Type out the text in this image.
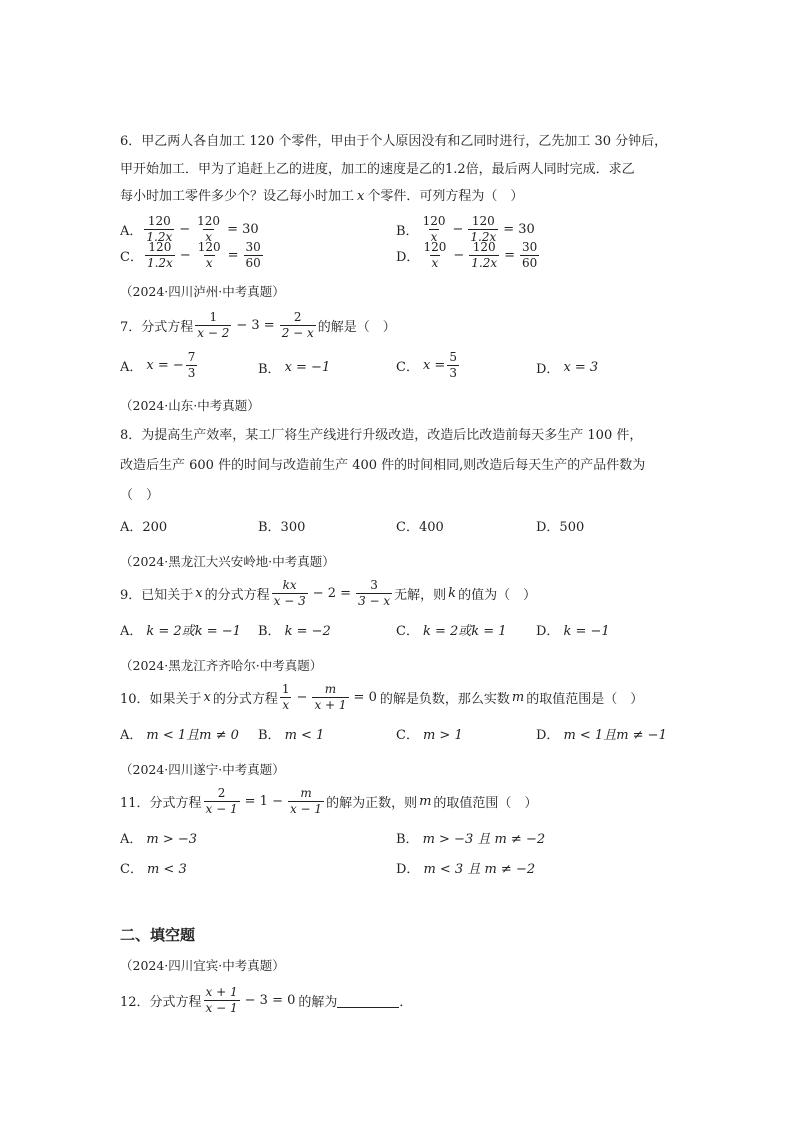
6．甲乙两人各自加工 120 个零件，甲由于个人原因没有和乙同时进行，乙先加工 30 分钟后，
甲开始加工．甲为了追赶上乙的进度，加工的速度是乙的1.2倍，最后两人同时完成．求乙
每小时加工零件多少个？设乙每小时加工 x 个零件．可列方程为（　）
A． $\frac{120}{1.2x} - \frac{120}{x} = 30$	B． $\frac{120}{x} - \frac{120}{1.2x} = 30$
C． $\frac{120}{1.2x} - \frac{120}{x} = \frac{30}{60}$	D． $\frac{120}{x} - \frac{120}{1.2x} = \frac{30}{60}$
（2024·四川泸州·中考真题）
7．分式方程 $\frac{1}{x - 2} - 3 = \frac{2}{2 - x}$ 的解是（　）
A． x = − $\frac{7}{3}$	B． x = −1	C． $x = \frac{5}{3}$	D． x = 3
（2024·山东·中考真题）
8．为提高生产效率，某工厂将生产线进行升级改造，改造后比改造前每天多生产 100 件，
改造后生产 600 件的时间与改造前生产 400 件的时间相同,则改造后每天生产的产品件数为
（　）
A．200	B．300	C．400	D．500
（2024·黑龙江大兴安岭地·中考真题）
9．已知关于 x 的分式方程 $\frac{kx}{x - 3} - 2 = \frac{3}{3 - x}$ 无解，则 k 的值为（　）
A． k = 2或k = −1 B． k = −2	C． k = 2或k = 1 D． k = −1
（2024·黑龙江齐齐哈尔·中考真题）
10．如果关于 x 的分式方程 $\frac{1}{x} - \frac{m}{x + 1} = 0$ 的解是负数，那么实数 m 的取值范围是（　）
A． m < 1且m ≠ 0 B． m < 1	C． m > 1	D． m < 1且m ≠ −1
（2024·四川遂宁·中考真题）
11．分式方程 $\frac{2}{x - 1} = 1 - \frac{m}{x - 1}$ 的解为正数，则 m 的取值范围（　）
A． m > −3	B． m > −3 且 m ≠ −2
C． m < 3	D． m < 3 且 m ≠ −2
二、填空题
（2024·四川宜宾·中考真题）
12．分式方程 $\frac{x + 1}{x - 1} - 3 = 0$ 的解为	．
